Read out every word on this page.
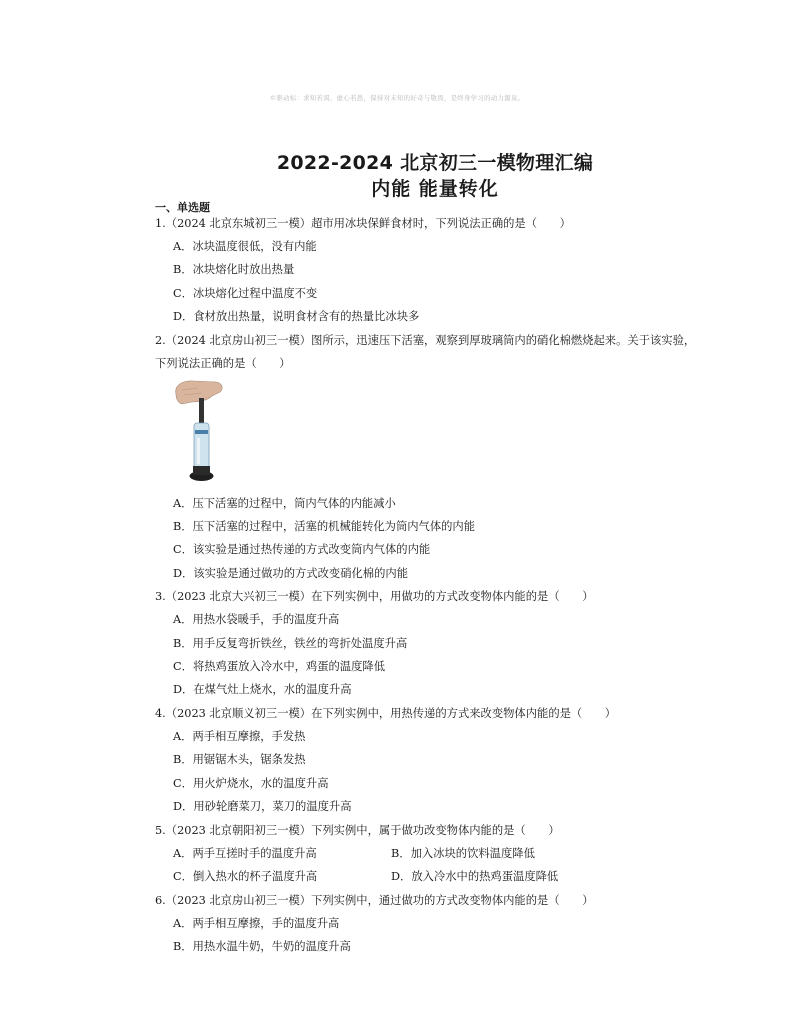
©驱动标：求知若渴，虚心若愚，保持对未知的好奇与敬畏，是终身学习的动力源泉。
2022-2024 北京初三一模物理汇编
内能 能量转化
一、单选题
1.（2024 北京东城初三一模）超市用冰块保鲜食材时，下列说法正确的是（　　）
A．冰块温度很低，没有内能
B．冰块熔化时放出热量
C．冰块熔化过程中温度不变
D．食材放出热量，说明食材含有的热量比冰块多
2.（2024 北京房山初三一模）图所示，迅速压下活塞，观察到厚玻璃筒内的硝化棉燃烧起来。关于该实验，
下列说法正确的是（　　）
A．压下活塞的过程中，筒内气体的内能减小
B．压下活塞的过程中，活塞的机械能转化为筒内气体的内能
C．该实验是通过热传递的方式改变筒内气体的内能
D．该实验是通过做功的方式改变硝化棉的内能
3.（2023 北京大兴初三一模）在下列实例中，用做功的方式改变物体内能的是（　　）
A．用热水袋暖手，手的温度升高
B．用手反复弯折铁丝，铁丝的弯折处温度升高
C．将热鸡蛋放入冷水中，鸡蛋的温度降低
D．在煤气灶上烧水，水的温度升高
4.（2023 北京顺义初三一模）在下列实例中，用热传递的方式来改变物体内能的是（　　）
A．两手相互摩擦，手发热
B．用锯锯木头，锯条发热
C．用火炉烧水，水的温度升高
D．用砂轮磨菜刀，菜刀的温度升高
5.（2023 北京朝阳初三一模）下列实例中，属于做功改变物体内能的是（　　）
A．两手互搓时手的温度升高	B．加入冰块的饮料温度降低
C．倒入热水的杯子温度升高	D．放入冷水中的热鸡蛋温度降低
6.（2023 北京房山初三一模）下列实例中，通过做功的方式改变物体内能的是（　　）
A．两手相互摩擦，手的温度升高
B．用热水温牛奶，牛奶的温度升高
